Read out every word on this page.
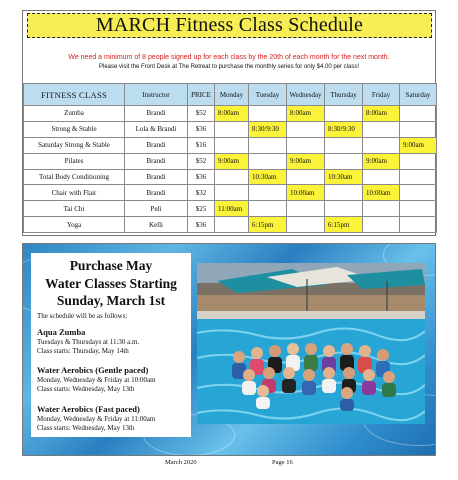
MARCH Fitness Class Schedule
We need a minimum of 8 people signed up for each class by the 20th of each month for the next month.
Please visit the Front Desk at The Retreat to purchase the monthly series for only $4.00 per class!
FITNESS CLASS	Instructor	PRICE	Monday	Tuesday	Wednesday	Thursday	Friday	Saturday
Zumba	Brandi	$52	8:00am		8:00am		8:00am	
Strong & Stable	Lola & Brandi	$36		8:30/9:30		8:30/9:30		
Saturday Strong & Stable	Brandi	$16						9:00am
Pilates	Brandi	$52	9:00am		9:00am		9:00am	
Total Body Conditioning	Brandi	$36		10:30am		10:30am		
Chair with Flair	Brandi	$32			10:00am		10:00am	
Tai Chi	Peli	$25	11:00am					
Yoga	Kelli	$36		6:15pm		6:15pm		
Purchase May
Water Classes Starting
Sunday, March 1st
The schedule will be as follows:
Aqua Zumba
Tuesdays & Thursdays at 11:30 a.m.
Class starts: Thursday, May 14th
Water Aerobics (Gentle paced)
Monday, Wednesday & Friday at 10:00am
Class starts: Wednesday, May 13th
Water Aerobics (Fast paced)
Monday, Wednesday & Friday at 11:00am
Class starts: Wednesday, May 13th
March 2020	Page 16
